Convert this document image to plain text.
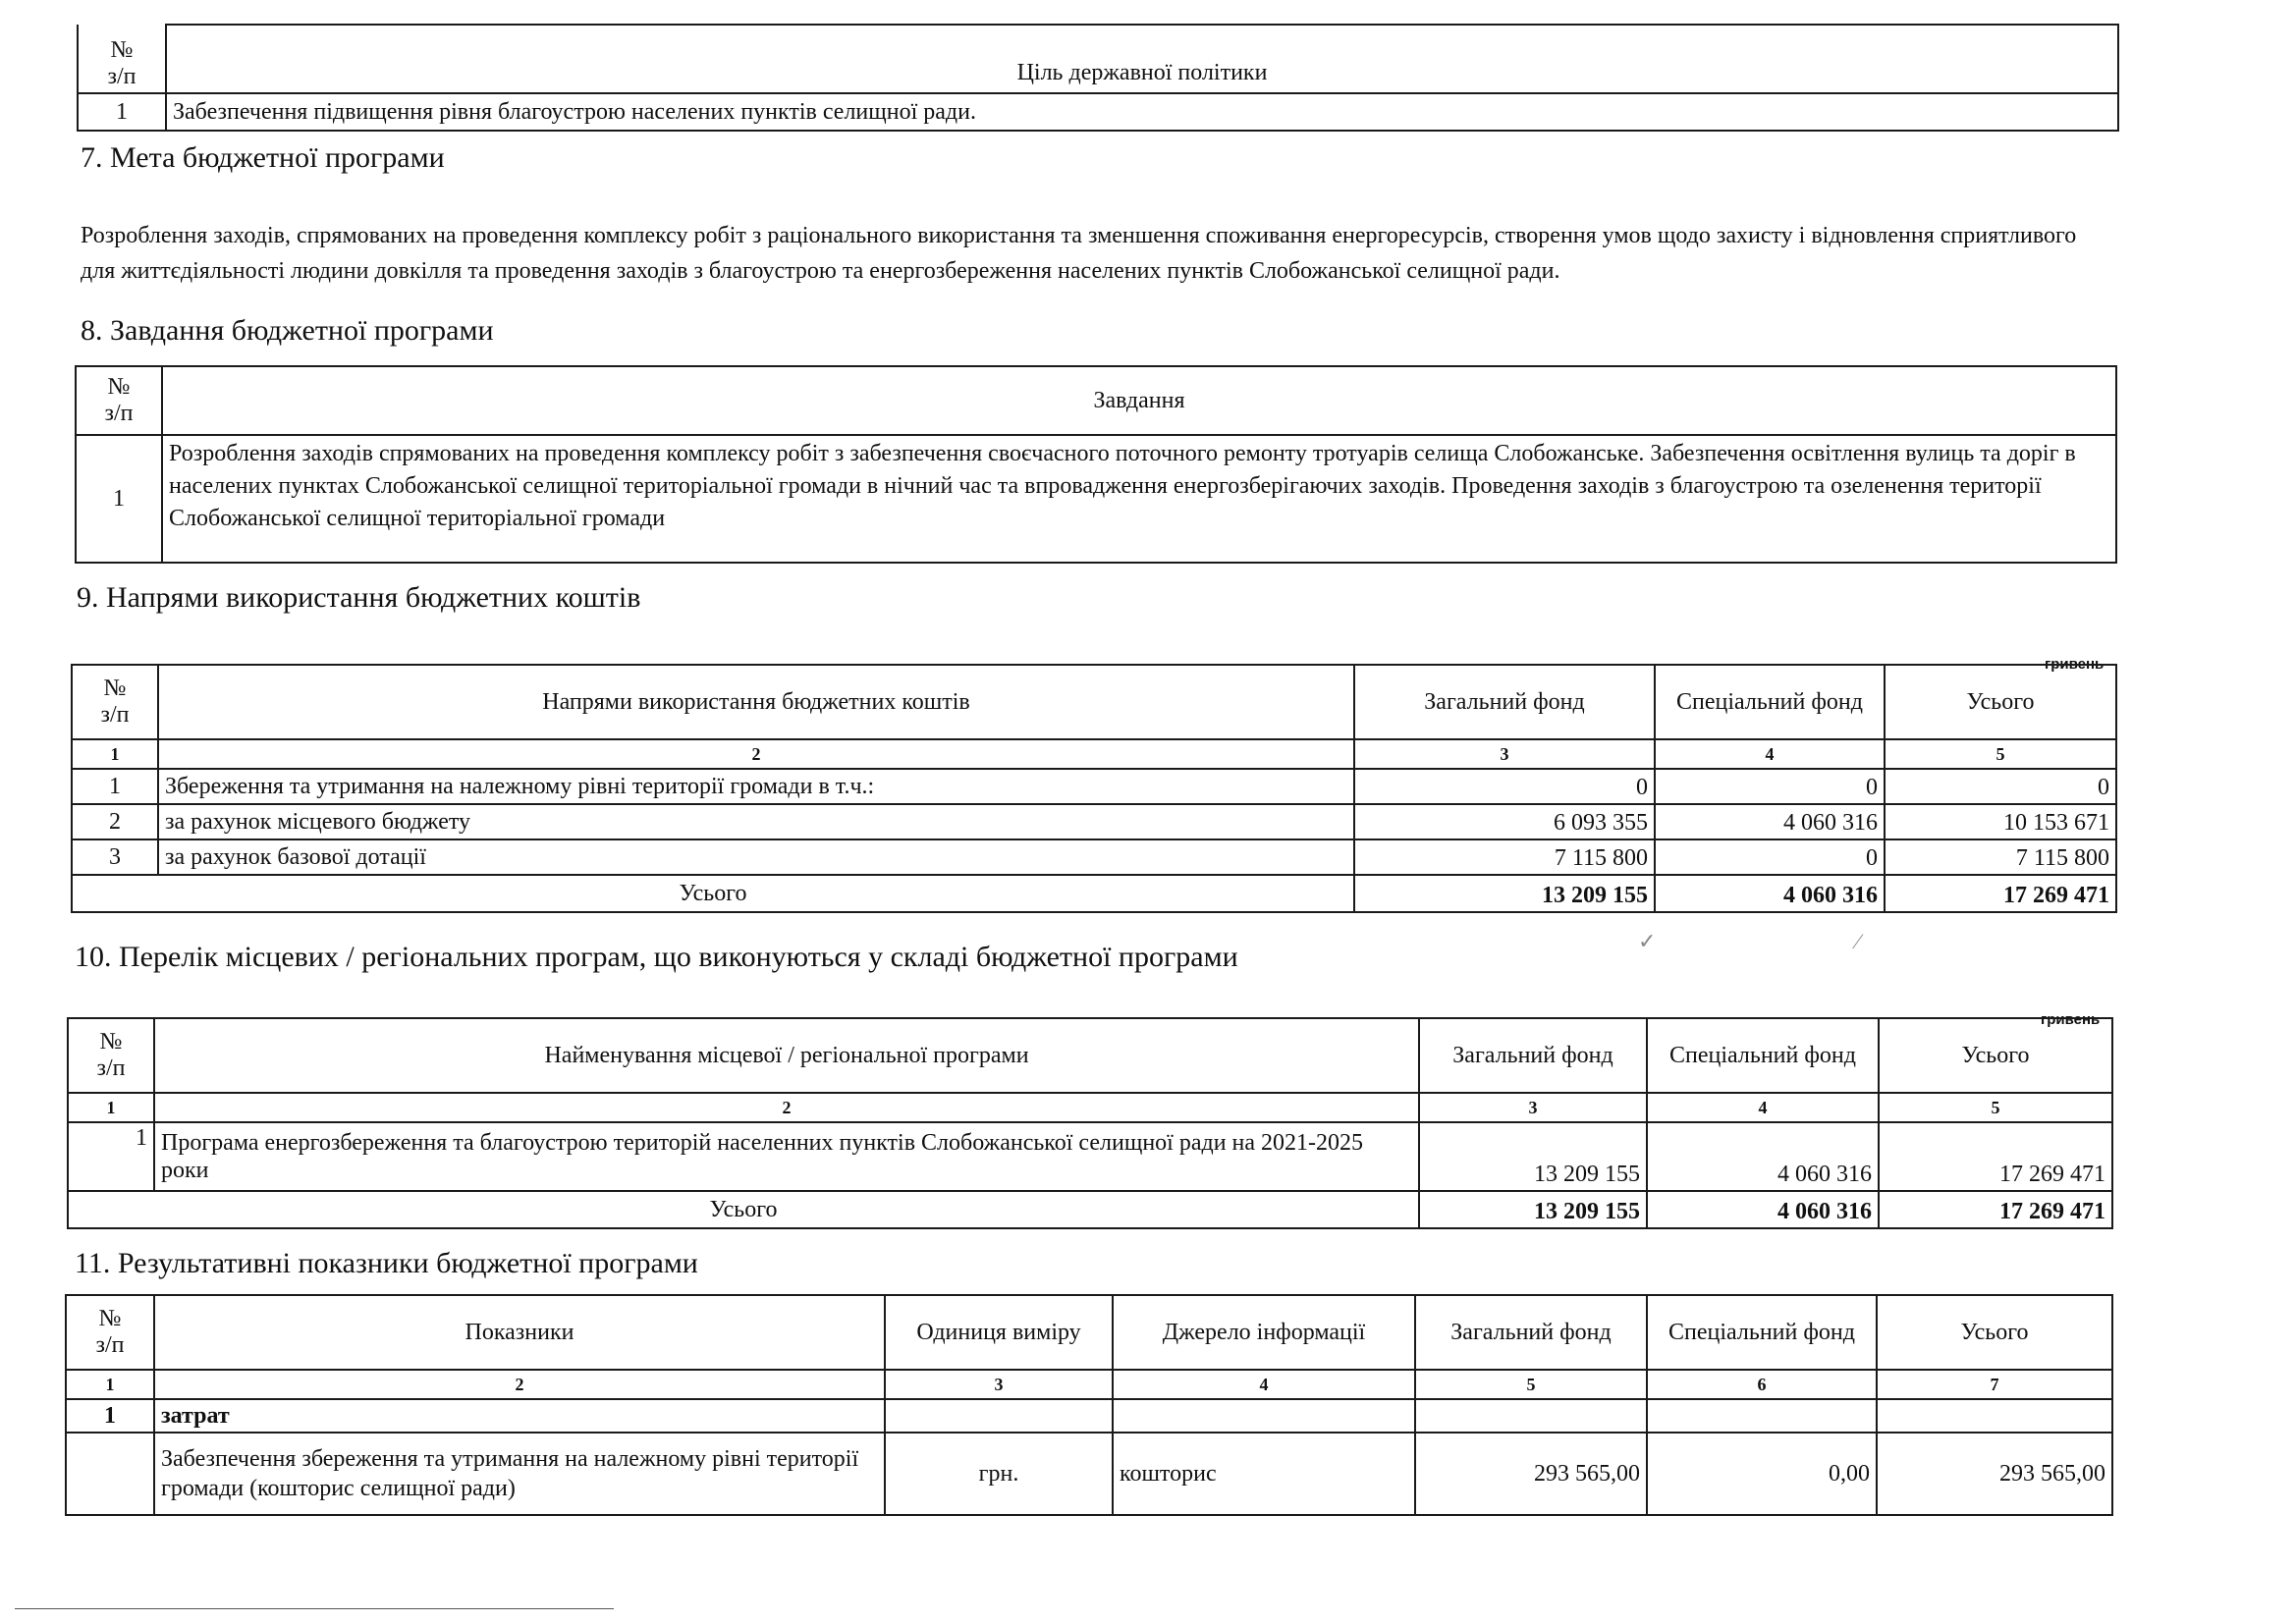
№
з/п	Ціль державної політики
1	Забезпечення підвищення рівня благоустрою населених пунктів селищної ради.
7. Мета бюджетної програми
Розроблення заходів, спрямованих на проведення комплексу робіт з раціонального використання та зменшення споживання енергоресурсів, створення умов щодо захисту і відновлення сприятливого для життєдіяльності людини довкілля та проведення заходів з благоустрою та енергозбереження населених пунктів Слобожанської селищної ради.
8. Завдання бюджетної програми
№
з/п	Завдання
1	Розроблення заходів спрямованих на проведення комплексу робіт з забезпечення своєчасного поточного ремонту тротуарів селища Слобожанське. Забезпечення освітлення вулиць та доріг в населених пунктах Слобожанської селищної територіальної громади в нічний час та впровадження енергозберігаючих заходів. Проведення заходів з благоустрою та озеленення території Слобожанської селищної територіальної громади
9. Напрями використання бюджетних коштів
гривень
№
з/п	Напрями використання бюджетних коштів	Загальний фонд	Спеціальний фонд	Усього
1	2	3	4	5
1	Збереження та утримання на належному рівні території громади в т.ч.:	0	0	0
2	за рахунок місцевого бюджету	6 093 355	4 060 316	10 153 671
3	за рахунок базової дотації	7 115 800	0	7 115 800
Усього		13 209 155	4 060 316	17 269 471
✓	⁄
10. Перелік місцевих / регіональних програм, що виконуються у складі бюджетної програми
гривень
№
з/п	Найменування місцевої / регіональної програми	Загальний фонд	Спеціальний фонд	Усього
1	2	3	4	5
1	Програма енергозбереження та благоустрою територій населенних пунктів Слобожанської селищної ради на 2021-2025 роки	13 209 155	4 060 316	17 269 471
Усього		13 209 155	4 060 316	17 269 471
11. Результативні показники бюджетної програми
№
з/п	Показники	Одиниця виміру	Джерело інформації	Загальний фонд	Спеціальний фонд	Усього
1	2	3	4	5	6	7
1	затрат					
	Забезпечення збереження та утримання на належному рівні території громади (кошторис селищної ради)	грн.	кошторис	293 565,00	0,00	293 565,00
